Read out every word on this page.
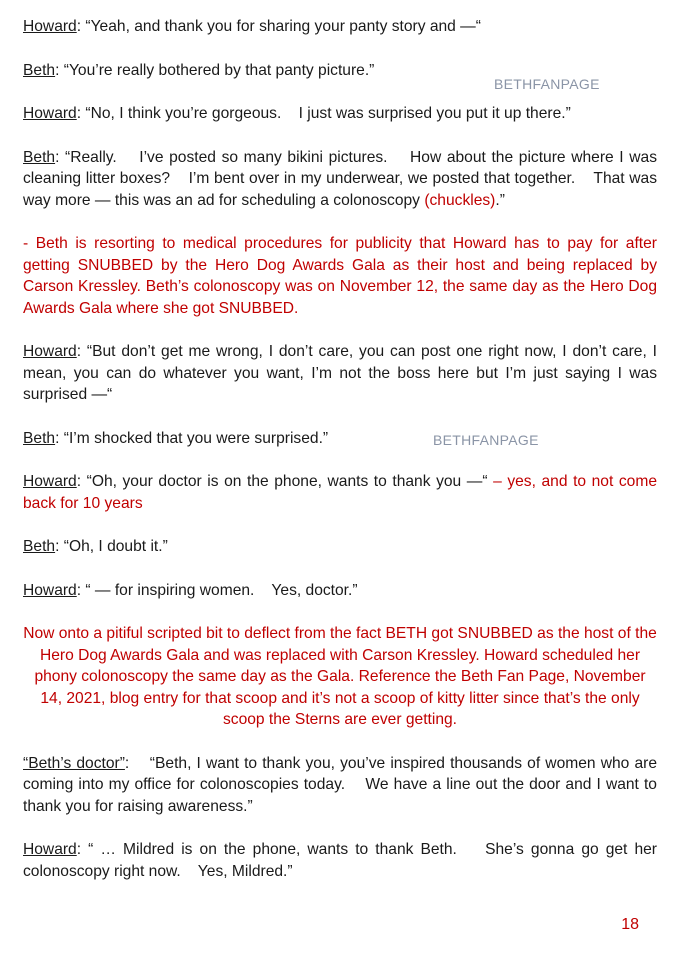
BETHFANPAGE
BETHFANPAGE

Howard: “Yeah, and thank you for sharing your panty story and —“

Beth: “You’re really bothered by that panty picture.”

Howard: “No, I think you’re gorgeous.    I just was surprised you put it up there.”

Beth: “Really.    I’ve posted so many bikini pictures.    How about the picture where I was cleaning litter boxes?    I’m bent over in my underwear, we posted that together.    That was way more — this was an ad for scheduling a colonoscopy (chuckles).”

- Beth is resorting to medical procedures for publicity that Howard has to pay for after getting SNUBBED by the Hero Dog Awards Gala as their host and being replaced by Carson Kressley. Beth’s colonoscopy was on November 12, the same day as the Hero Dog Awards Gala where she got SNUBBED.

Howard: “But don’t get me wrong, I don’t care, you can post one right now, I don’t care, I mean, you can do whatever you want, I’m not the boss here but I’m just saying I was surprised —“

Beth: “I’m shocked that you were surprised.”

Howard: “Oh, your doctor is on the phone, wants to thank you —“ – yes, and to not come back for 10 years

Beth: “Oh, I doubt it.”

Howard: “ — for inspiring women.    Yes, doctor.”

Now onto a pitiful scripted bit to deflect from the fact BETH got SNUBBED as the host of the Hero Dog Awards Gala and was replaced with Carson Kressley. Howard scheduled her phony colonoscopy the same day as the Gala. Reference the Beth Fan Page, November 14, 2021, blog entry for that scoop and it’s not a scoop of kitty litter since that’s the only scoop the Sterns are ever getting.

“Beth’s doctor”:    “Beth, I want to thank you, you’ve inspired thousands of women who are coming into my office for colonoscopies today.    We have a line out the door and I want to thank you for raising awareness.”

Howard: “ … Mildred is on the phone, wants to thank Beth.    She’s gonna go get her colonoscopy right now.    Yes, Mildred.”

18
